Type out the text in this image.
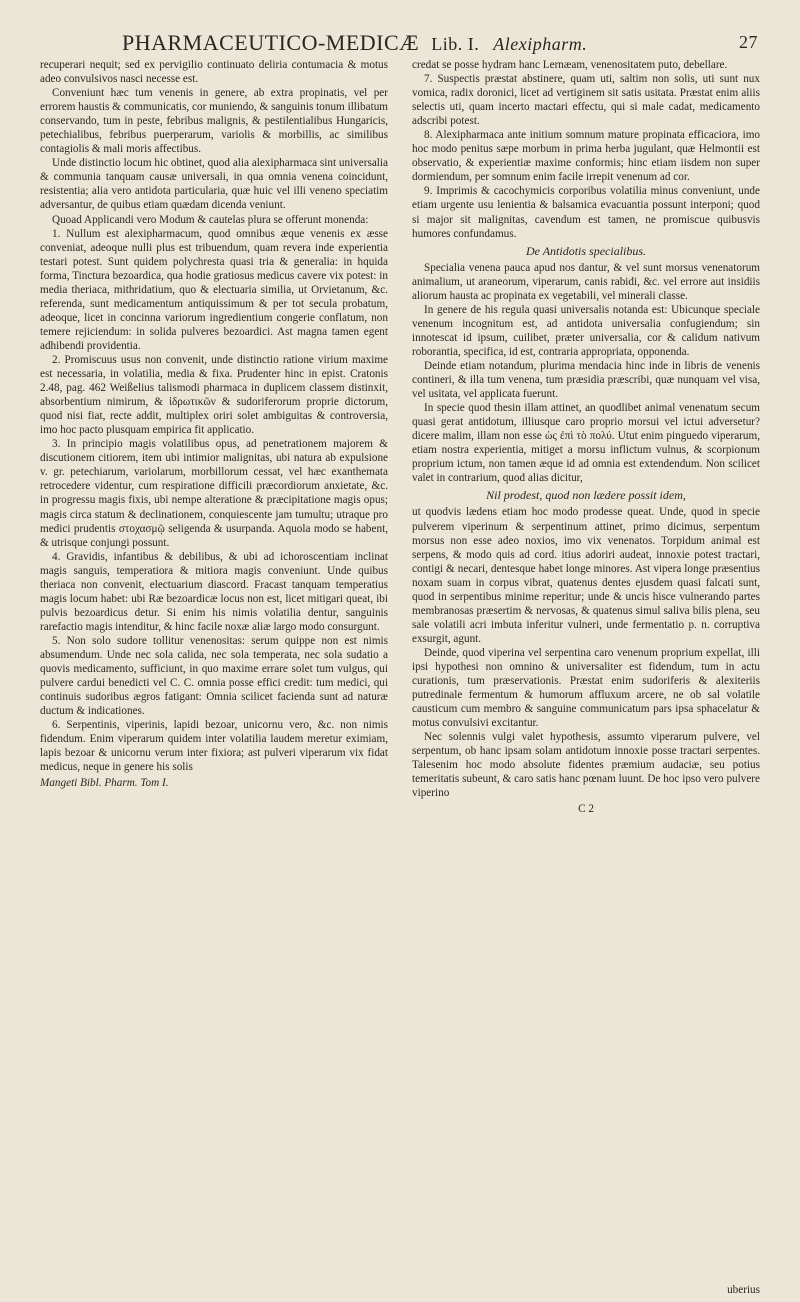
PHARMACEUTICO-MEDICÆ Lib. I. Alexipharm.	27

recuperari nequit; sed ex pervigilio continuato deliria contumacia & motus adeo convulsivos nasci necesse est.

Conveniunt hæc tum venenis in genere, ab extra propinatis, vel per errorem haustis & communicatis, cor muniendo, & sanguinis tonum illibatum conservando, tum in peste, febribus malignis, & pestilentialibus Hungaricis, petechialibus, febribus puerperarum, variolis & morbillis, ac similibus contagiolis & mali moris affectibus.

Unde distinctio locum hic obtinet, quod alia alexipharmaca sint universalia & communia tanquam causæ universali, in qua omnia venena coincidunt, resistentia; alia vero antidota particularia, quæ huic vel illi veneno speciatim adversantur, de quibus etiam quædam dicenda veniunt.

Quoad Applicandi vero Modum & cautelas plura se offerunt monenda:

1. Nullum est alexipharmacum, quod omnibus æque venenis ex æsse conveniat, adeoque nulli plus est tribuendum, quam revera inde experientia testari potest. Sunt quidem polychresta quasi tria & generalia: in hquida forma, Tinctura bezoardica, qua hodie gratiosus medicus cavere vix potest: in media theriaca, mithridatium, quo & electuaria similia, ut Orvietanum, &c. referenda, sunt medicamentum antiquissimum & per tot secula probatum, adeoque, licet in concinna variorum ingredientium congerie conflatum, non temere rejiciendum: in solida pulveres bezoardici. Ast magna tamen egent adhibendi providentia.

2. Promiscuus usus non convenit, unde distinctio ratione virium maxime est necessaria, in volatilia, media & fixa. Prudenter hinc in epist. Cratonis 2.48, pag. 462 Weißelius talismodi pharmaca in duplicem classem distinxit, absorbentium nimirum, & ἱδρωτικῶν & sudoriferorum proprie dictorum, quod nisi fiat, recte addit, multiplex oriri solet ambiguitas & controversia, imo hoc pacto plusquam empirica fit applicatio.

3. In principio magis volatilibus opus, ad penetrationem majorem & discutionem citiorem, item ubi intimior malignitas, ubi natura ab expulsione v. gr. petechiarum, variolarum, morbillorum cessat, vel hæc exanthemata retrocedere videntur, cum respiratione difficili præcordiorum anxietate, &c. in progressu magis fixis, ubi nempe alteratione & præcipitatione magis opus; magis circa statum & declinationem, conquiescente jam tumultu; utraque pro medici prudentis στοχασμῷ seligenda & usurpanda. Aquola modo se habent, & utrisque conjungi possunt.

4. Gravidis, infantibus & debilibus, & ubi ad ichoroscentiam inclinat magis sanguis, temperatiora & mitiora magis conveniunt. Unde quibus theriaca non convenit, electuarium diascord. Fracast tanquam temperatius magis locum habet: ubi Ræ bezoardicæ locus non est, licet mitigari queat, ibi pulvis bezoardicus detur. Si enim his nimis volatilia dentur, sanguinis rarefactio magis intenditur, & hinc facile noxæ aliæ largo modo consurgunt.

5. Non solo sudore tollitur venenositas: serum quippe non est nimis absumendum. Unde nec sola calida, nec sola temperata, nec sola sudatio a quovis medicamento, sufficiunt, in quo maxime errare solet tum vulgus, qui pulvere cardui benedicti vel C. C. omnia posse effici credit: tum medici, qui continuis sudoribus ægros fatigant: Omnia scilicet facienda sunt ad naturæ ductum & indicationes.

6. Serpentinis, viperinis, lapidi bezoar, unicornu vero, &c. non nimis fidendum. Enim viperarum quidem inter volatilia laudem meretur eximiam, lapis bezoar & unicornu verum inter fixiora; ast pulveri viperarum vix fidat medicus, neque in genere his solis

Mangeti Bibl. Pharm. Tom I.

credat se posse hydram hanc Lernæam, venenositatem puto, debellare.

7. Suspectis præstat abstinere, quam uti, saltim non solis, uti sunt nux vomica, radix doronici, licet ad vertiginem sit satis usitata. Præstat enim aliis selectis uti, quam incerto mactari effectu, qui si male cadat, medicamento adscribi potest.

8. Alexipharmaca ante initium somnum mature propinata efficaciora, imo hoc modo penitus sæpe morbum in prima herba jugulant, quæ Helmontii est observatio, & experientiæ maxime conformis; hinc etiam iisdem non super dormiendum, per somnum enim facile irrepit venenum ad cor.

9. Imprimis & cacochymicis corporibus volatilia minus conveniunt, unde etiam urgente usu lenientia & balsamica evacuantia possunt interponi; quod si major sit malignitas, cavendum est tamen, ne promiscue quibusvis humores confundamus.

De Antidotis specialibus.

Specialia venena pauca apud nos dantur, & vel sunt morsus venenatorum animalium, ut araneorum, viperarum, canis rabidi, &c. vel errore aut insidiis aliorum hausta ac propinata ex vegetabili, vel minerali classe.

In genere de his regula quasi universalis notanda est: Ubicunque speciale venenum incognitum est, ad antidota universalia confugiendum; sin innotescat id ipsum, cuilibet, præter universalia, cor & calidum nativum roborantia, specifica, id est, contraria appropriata, opponenda.

Deinde etiam notandum, plurima mendacia hinc inde in libris de venenis contineri, & illa tum venena, tum præsidia præscribi, quæ nunquam vel visa, vel usitata, vel applicata fuerunt.

In specie quod thesin illam attinet, an quodlibet animal venenatum secum quasi gerat antidotum, illiusque caro proprio morsui vel ictui adversetur? dicere malim, illam non esse ὡς ἐπὶ τὸ πολύ. Utut enim pinguedo viperarum, etiam nostra experientia, mitiget a morsu inflictum vulnus, & scorpionum proprium ictum, non tamen æque id ad omnia est extendendum. Non scilicet valet in contrarium, quod alias dicitur,

Nil prodest, quod non lædere possit idem,

ut quodvis lædens etiam hoc modo prodesse queat. Unde, quod in specie pulverem viperinum & serpentinum attinet, primo dicimus, serpentum morsus non esse adeo noxios, imo vix venenatos. Torpidum animal est serpens, & modo quis ad cord. itius adoriri audeat, innoxie potest tractari, contigi & necari, dentesque habet longe minores. Ast vipera longe præsentius noxam suam in corpus vibrat, quatenus dentes ejusdem quasi falcati sunt, quod in serpentibus minime reperitur; unde & uncis hisce vulnerando partes membranosas præsertim & nervosas, & quatenus simul saliva bilis plena, seu sale volatili acri imbuta inferitur vulneri, unde fermentatio p. n. corruptiva exsurgit, agunt.

Deinde, quod viperina vel serpentina caro venenum proprium expellat, illi ipsi hypothesi non omnino & universaliter est fidendum, tum in actu curationis, tum præservationis. Præstat enim sudoriferis & alexiteriis putredinale fermentum & humorum affluxum arcere, ne ob sal volatile causticum cum membro & sanguine communicatum pars ipsa sphacelatur & motus convulsivi excitantur.

Nec solennis vulgi valet hypothesis, assumto viperarum pulvere, vel serpentum, ob hanc ipsam solam antidotum innoxie posse tractari serpentes. Talesenim hoc modo absolute fidentes præmium audaciæ, seu potius temeritatis subeunt, & caro satis hanc pœnam luunt. De hoc ipso vero pulvere viperino

C 2
uberius
